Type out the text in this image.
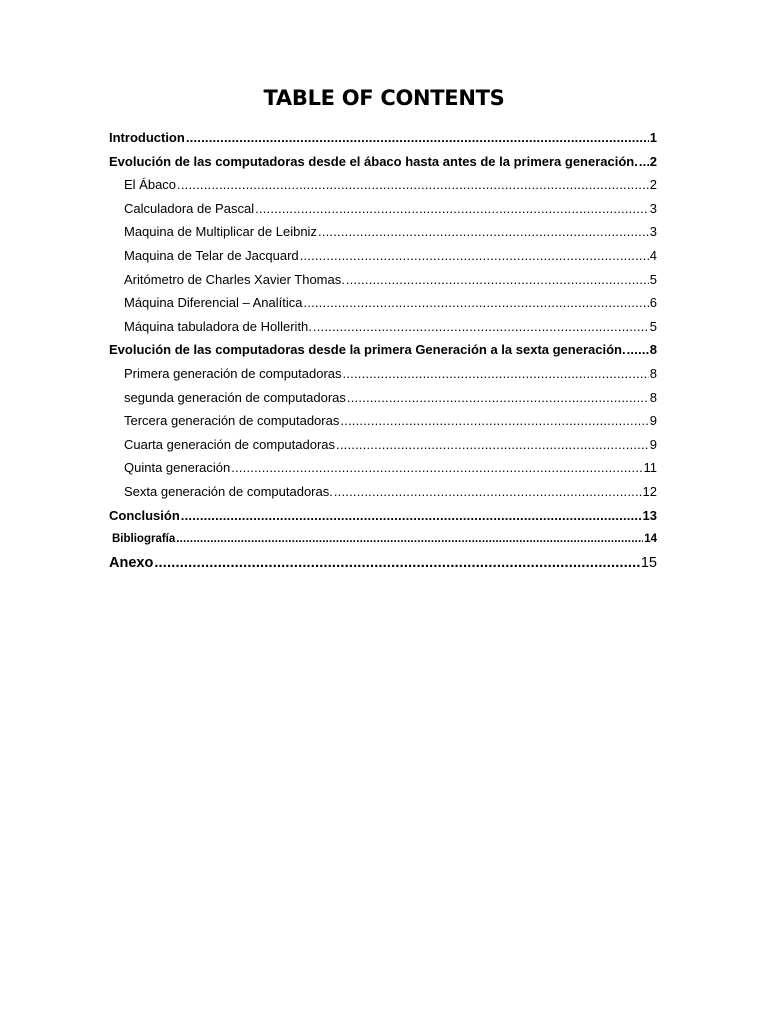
TABLE OF CONTENTS
Introduction .....	1
Evolución de las computadoras desde el ábaco hasta antes de la primera generación. ..... 2
El Ábaco .....	2
Calculadora de Pascal .....	3
Maquina de Multiplicar de Leibniz .....	3
Maquina de Telar de Jacquard .....	4
Aritómetro de Charles Xavier Thomas. .....	5
Máquina Diferencial – Analítica .....	6
Máquina tabuladora de Hollerith. .....	5
Evolución de las computadoras desde la primera Generación a la sexta generación. ..... 8
Primera generación de computadoras .....	8
segunda generación de computadoras .....	8
Tercera generación de computadoras .....	9
Cuarta generación de computadoras .....	9
Quinta generación .....	11
Sexta generación de computadoras. .....	12
Conclusión .....	13
Bibliografía .....	14
Anexo .....	15
